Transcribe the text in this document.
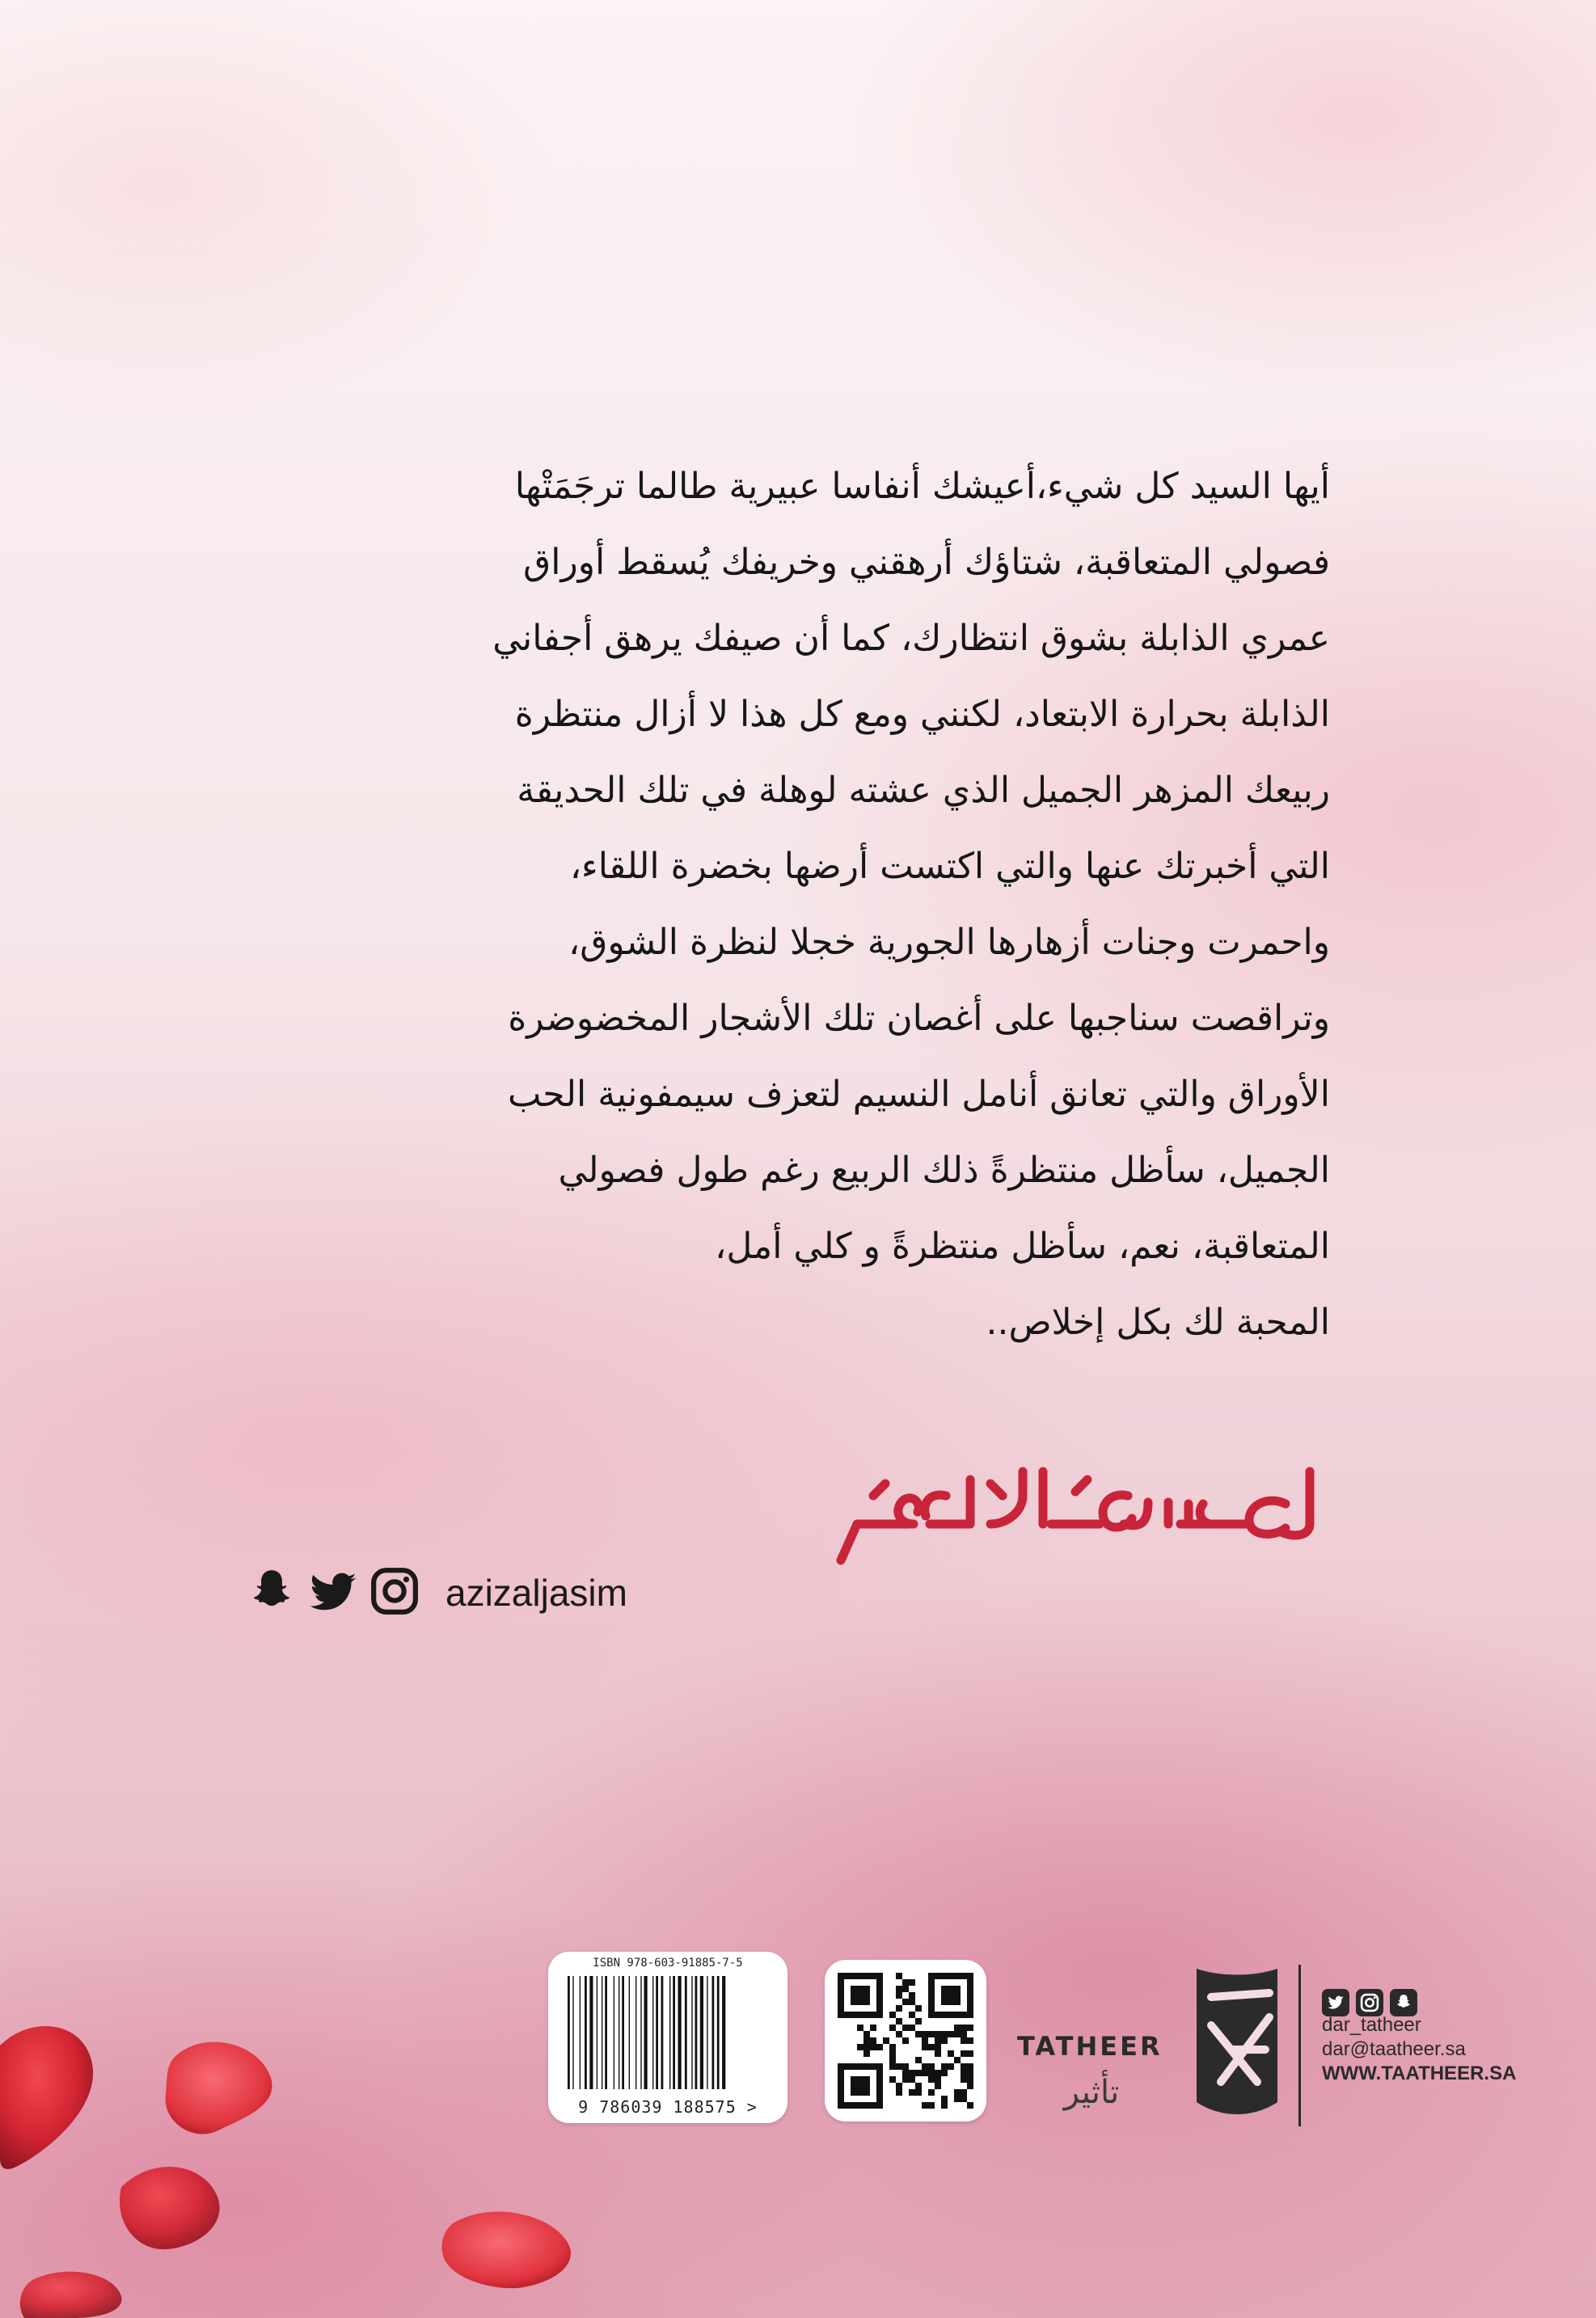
أيها السيد كل شيء،أعيشك أنفاسا عبيرية طالما ترجَمَتْها

فصولي المتعاقبة، شتاؤك أرهقني وخريفك يُسقط أوراق

عمري الذابلة بشوق انتظارك، كما أن صيفك يرهق أجفاني

الذابلة بحرارة الابتعاد، لكنني ومع كل هذا لا أزال منتظرة

ربيعك المزهر الجميل الذي عشته لوهلة في تلك الحديقة

التي أخبرتك عنها والتي اكتست أرضها بخضرة اللقاء،

واحمرت وجنات أزهارها الجورية خجلا لنظرة الشوق،

وتراقصت سناجبها على أغصان تلك الأشجار المخضوضرة

الأوراق والتي تعانق أنامل النسيم لتعزف سيمفونية الحب

الجميل، سأظل منتظرةً ذلك الربيع رغم طول فصولي

المتعاقبة، نعم، سأظل منتظرةً و كلي أمل،

المحبة لك بكل إخلاص..

azizaljasim
ISBN 978-603-91885-7-5
9 786039 188575 >
TATHEER
تأثير
dar_tatheer
dar@taatheer.sa
WWW.TAATHEER.SA
